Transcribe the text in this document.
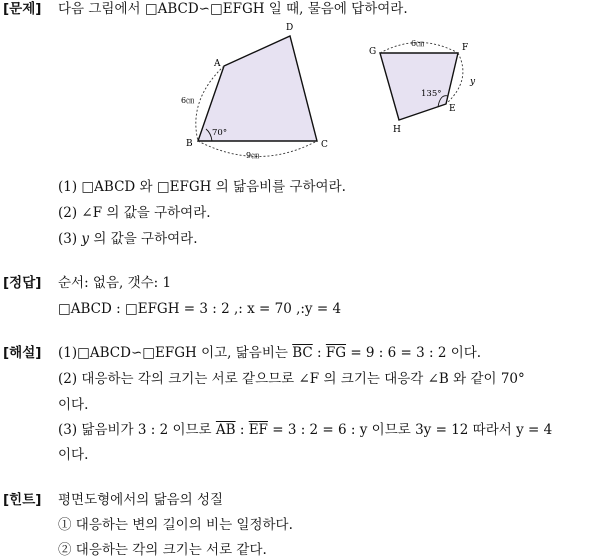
[문제] 다음 그림에서 □ABCD∽□EFGH 일 때, 물음에 답하여라.
A
D
B	C
6㎝
9㎝
70°
G	F
E
H
6㎝
135°
y
(1) □ABCD 와 □EFGH 의 닮음비를 구하여라.
(2) ∠F 의 값을 구하여라.
(3) y 의 값을 구하여라.
[정답] 순서: 없음, 갯수: 1
□ABCD : □EFGH = 3 : 2 ,: x = 70 ,:y = 4
[해설] (1)□ABCD∽□EFGH 이고, 닮음비는 $\overline{BC}$ : $\overline{FG} = 9$ : 6 = 3 : 2 이다.
(2) 대응하는 각의 크기는 서로 같으므로 ∠F 의 크기는 대응각 ∠B 와 같이 70°
이다.
(3) 닮음비가 3 : 2 이므로 $\overline{AB}$ : $\overline{EF} = 3$ : 2 = 6 : y 이므로 3y = 12 따라서 y = 4
이다.
[힌트] 평면도형에서의 닮음의 성질
① 대응하는 변의 길이의 비는 일정하다.
② 대응하는 각의 크기는 서로 같다.
